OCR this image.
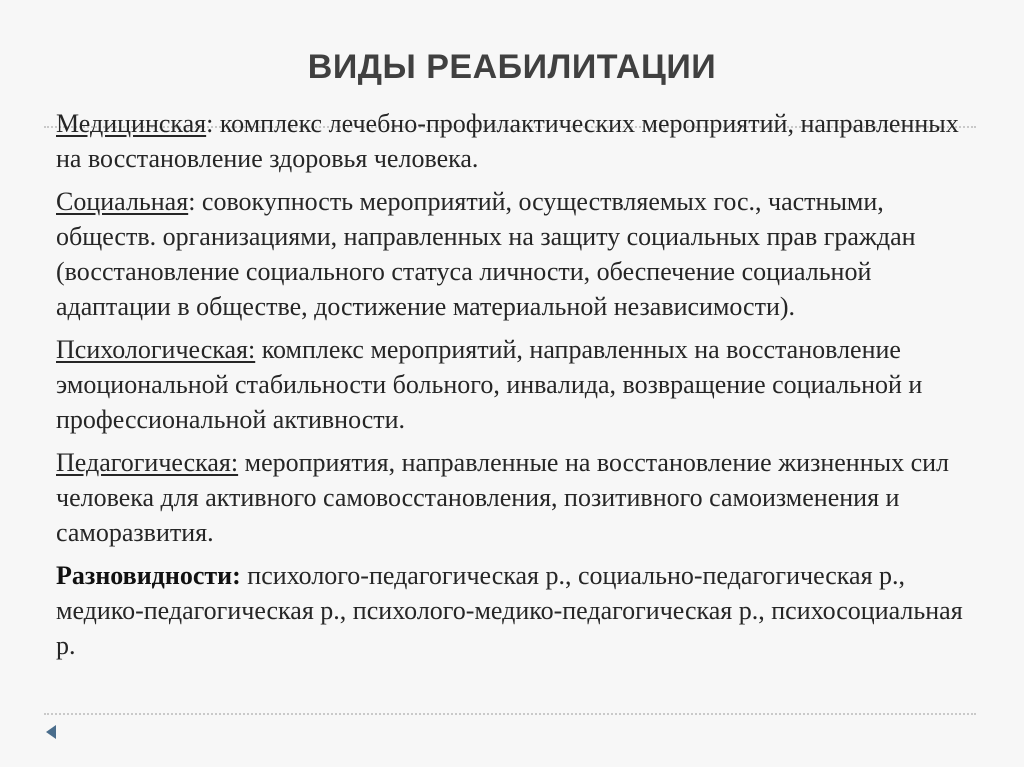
ВИДЫ РЕАБИЛИТАЦИИ

Медицинская: комплекс лечебно-профилактических мероприятий, направленных на восстановление здоровья человека.

Социальная: совокупность мероприятий, осуществляемых гос., частными, обществ. организациями, направленных на защиту социальных прав граждан (восстановление социального статуса личности, обеспечение социальной адаптации в обществе, достижение материальной независимости).

Психологическая: комплекс мероприятий, направленных на восстановление эмоциональной стабильности больного, инвалида, возвращение социальной и профессиональной активности.

Педагогическая: мероприятия, направленные на восстановление жизненных сил человека для активного самовосстановления, позитивного самоизменения и саморазвития.

Разновидности: психолого-педагогическая р., социально-педагогическая р., медико-педагогическая р., психолого-медико-педагогическая р., психосоциальная р.
